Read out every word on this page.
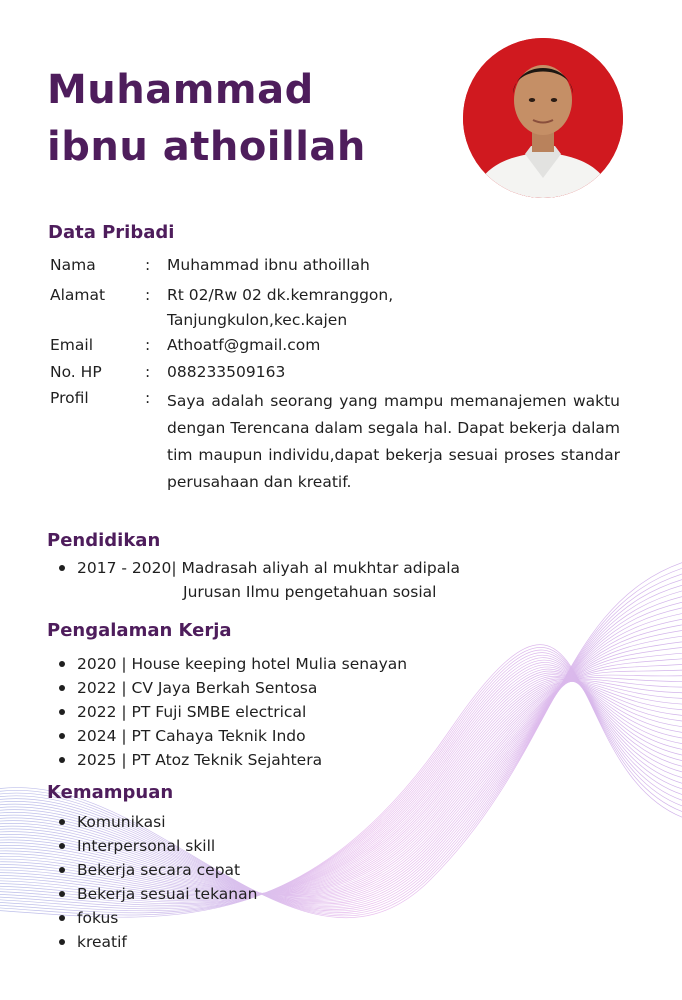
Muhammad
ibnu athoillah
Data Pribadi
Nama	:	Muhammad ibnu athoillah
Alamat	:	Rt 02/Rw 02 dk.kemranggon,
Tanjungkulon,kec.kajen
Email	:	Athoatf@gmail.com
No. HP	:	088233509163
Profil	:	Saya adalah seorang yang mampu memanajemen waktu dengan Terencana dalam segala hal. Dapat bekerja dalam tim maupun individu,dapat bekerja sesuai proses standar perusahaan dan kreatif.
Pendidikan
2017 - 2020| Madrasah aliyah al mukhtar adipala
Jurusan Ilmu pengetahuan sosial
Pengalaman Kerja
2020 | House keeping hotel Mulia senayan
2022 | CV Jaya Berkah Sentosa
2022 | PT Fuji SMBE electrical
2024 | PT Cahaya Teknik Indo
2025 | PT Atoz Teknik Sejahtera
Kemampuan
Komunikasi
Interpersonal skill
Bekerja secara cepat
Bekerja sesuai tekanan
fokus
kreatif
